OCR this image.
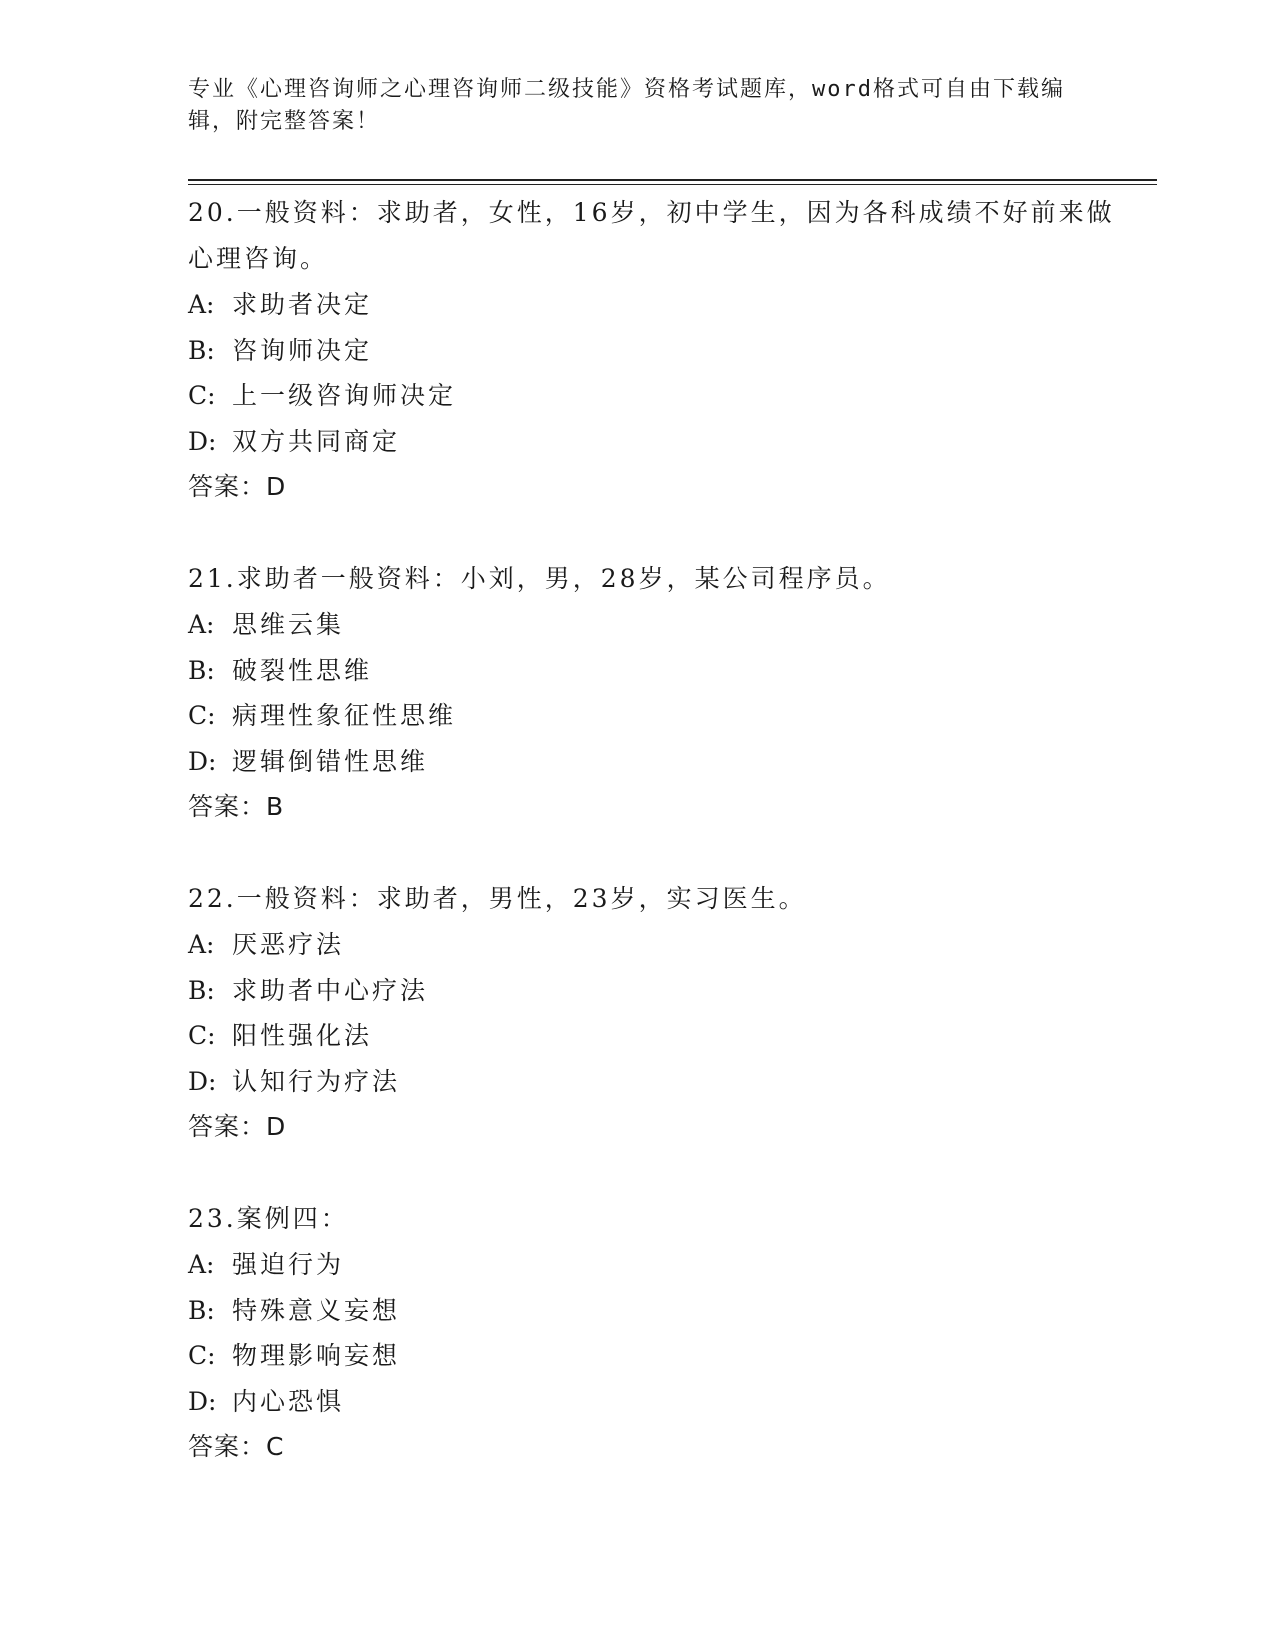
专业《心理咨询师之心理咨询师二级技能》资格考试题库，word格式可自由下载编辑，附完整答案！

20.一般资料：求助者，女性，16岁，初中学生，因为各科成绩不好前来做心理咨询。

A: 求助者决定
B: 咨询师决定
C: 上一级咨询师决定
D: 双方共同商定
答案：D

21.求助者一般资料：小刘，男，28岁，某公司程序员。

A: 思维云集
B: 破裂性思维
C: 病理性象征性思维
D: 逻辑倒错性思维
答案：B

22.一般资料：求助者，男性，23岁，实习医生。

A: 厌恶疗法
B: 求助者中心疗法
C: 阳性强化法
D: 认知行为疗法
答案：D

23.案例四：

A: 强迫行为
B: 特殊意义妄想
C: 物理影响妄想
D: 内心恐惧
答案：C
